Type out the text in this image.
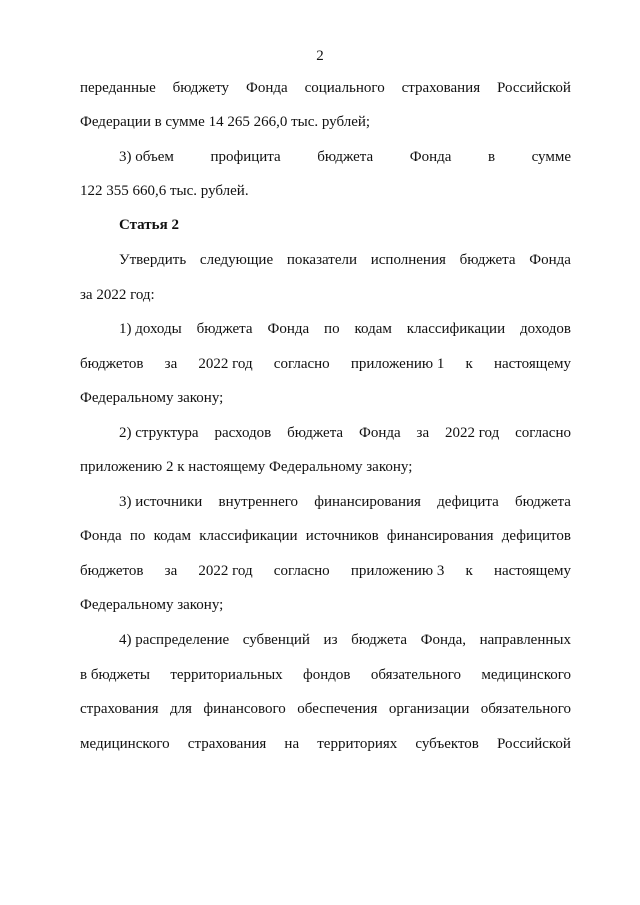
2
переданные бюджету Фонда социального страхования Российской
Федерации в сумме 14 265 266,0 тыс. рублей;
3) объем профицита бюджета Фонда в сумме
122 355 660,6 тыс. рублей.
Статья 2
Утвердить следующие показатели исполнения бюджета Фонда
за 2022 год:
1) доходы бюджета Фонда по кодам классификации доходов
бюджетов за 2022 год согласно приложению 1 к настоящему
Федеральному закону;
2) структура расходов бюджета Фонда за 2022 год согласно
приложению 2 к настоящему Федеральному закону;
3) источники внутреннего финансирования дефицита бюджета
Фонда по кодам классификации источников финансирования дефицитов
бюджетов за 2022 год согласно приложению 3 к настоящему
Федеральному закону;
4) распределение субвенций из бюджета Фонда, направленных
в бюджеты территориальных фондов обязательного медицинского
страхования для финансового обеспечения организации обязательного
медицинского страхования на территориях субъектов Российской
